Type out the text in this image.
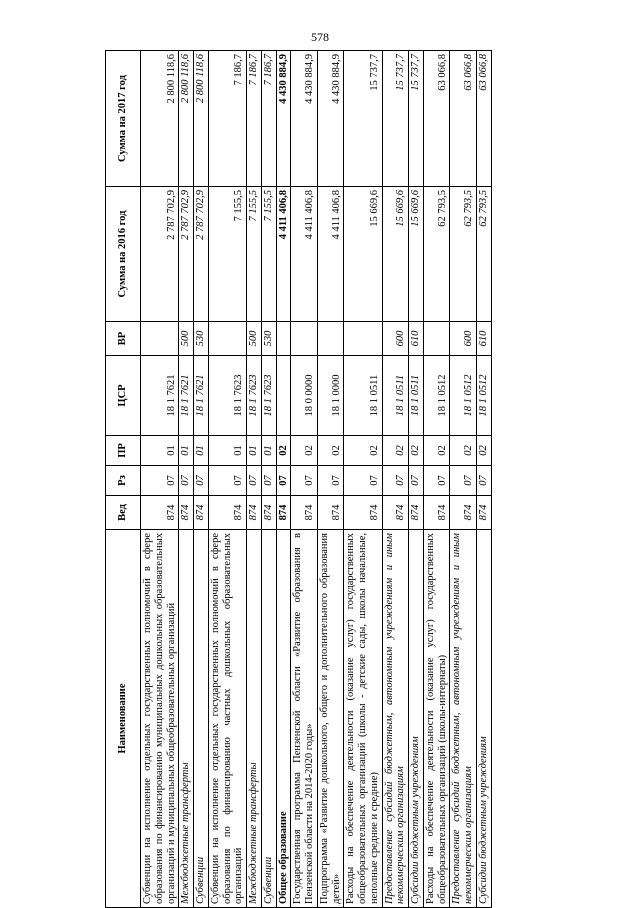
578
Наименование	Вед	Рз	ПР	ЦСР	ВР	Сумма на 2016 год	Сумма на 2017 год
Субвенции на исполнение отдельных государственных полномочий в сфере образования по финансированию муниципальных дошкольных образовательных организаций и муниципальных общеобразовательных организаций	874	07	01	18 1 7621		2 787 702,9	2 800 118,6
Межбюджетные трансферты	874	07	01	18 1 7621	500	2 787 702,9	2 800 118,6
Субвенции	874	07	01	18 1 7621	530	2 787 702,9	2 800 118,6
Субвенции на исполнение отдельных государственных полномочий в сфере образования по финансированию частных дошкольных образовательных организаций	874	07	01	18 1 7623		7 155,5	7 186,7
Межбюджетные трансферты	874	07	01	18 1 7623	500	7 155,5	7 186,7
Субвенции	874	07	01	18 1 7623	530	7 155,5	7 186,7
Общее образование	874	07	02			4 411 406,8	4 430 884,9
Государственная программа Пензенской области «Развитие образования в Пензенской области на 2014-2020 годы»	874	07	02	18 0 0000		4 411 406,8	4 430 884,9
Подпрограмма «Развитие дошкольного, общего и дополнительного образования детей»	874	07	02	18 1 0000		4 411 406,8	4 430 884,9
Расходы на обеспечение деятельности (оказание услуг) государственных общеобразовательных организаций (школы - детские сады, школы начальные, неполные средние и средние)	874	07	02	18 1 0511		15 669,6	15 737,7
Предоставление субсидий бюджетным, автономным учреждениям и иным некоммерческим организациям	874	07	02	18 1 0511	600	15 669,6	15 737,7
Субсидии бюджетным учреждениям	874	07	02	18 1 0511	610	15 669,6	15 737,7
Расходы на обеспечение деятельности (оказание услуг) государственных общеобразовательных организаций (школы-интернаты)	874	07	02	18 1 0512		62 793,5	63 066,8
Предоставление субсидий бюджетным, автономным учреждениям и иным некоммерческим организациям	874	07	02	18 1 0512	600	62 793,5	63 066,8
Субсидии бюджетным учреждениям	874	07	02	18 1 0512	610	62 793,5	63 066,8
